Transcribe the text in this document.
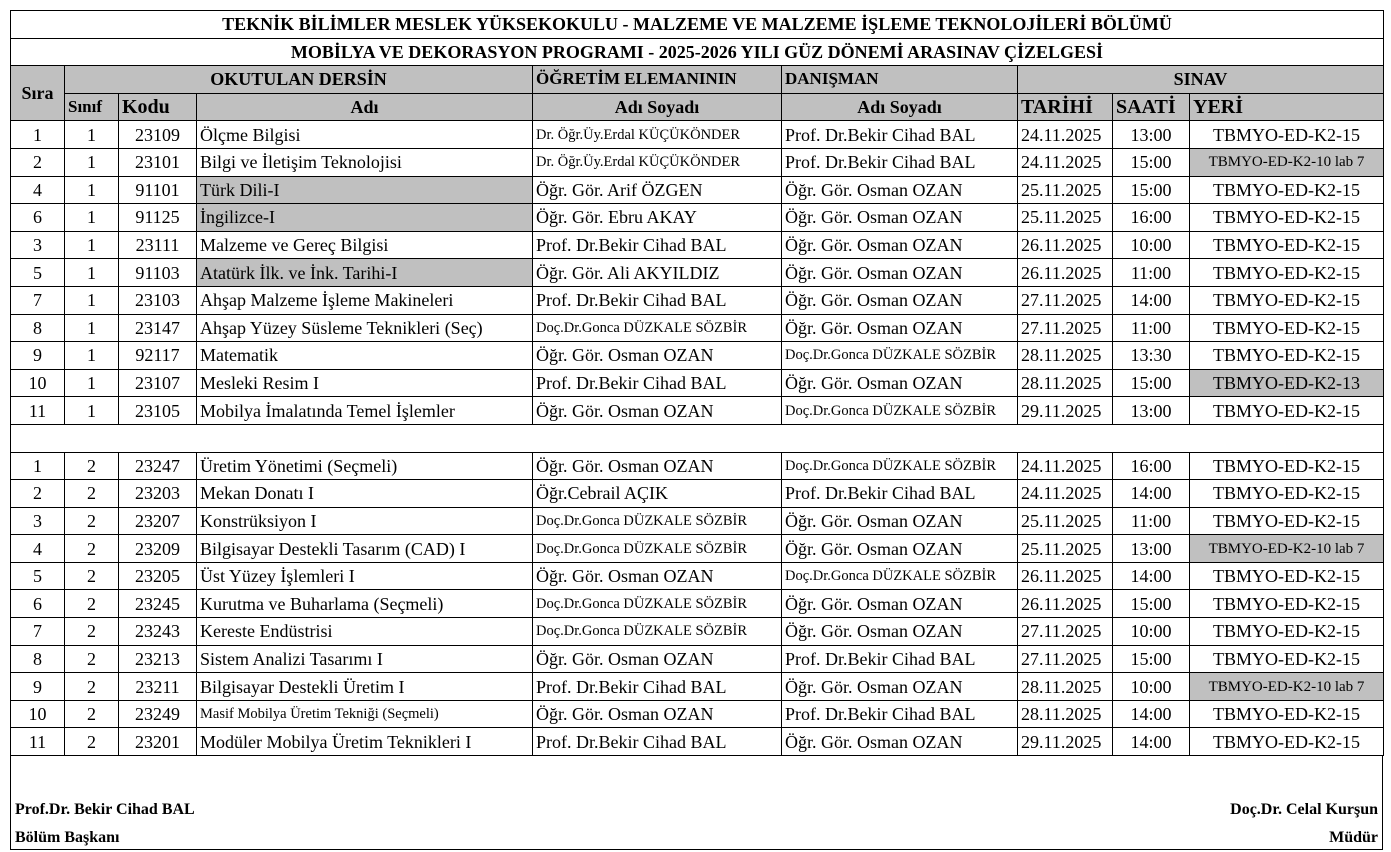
TEKNİK BİLİMLER MESLEK YÜKSEKOKULU - MALZEME VE MALZEME İŞLEME TEKNOLOJİLERİ BÖLÜMÜ								
MOBİLYA VE DEKORASYON PROGRAMI - 2025-2026 YILI GÜZ DÖNEMİ ARASINAV ÇİZELGESİ								
Sıra	OKUTULAN DERSİN			ÖĞRETİM ELEMANININ	DANIŞMAN	SINAV		
	Sınıf	Kodu	Adı	Adı Soyadı	Adı Soyadı	TARİHİ	SAATİ	YERİ
1	1	23109	Ölçme Bilgisi	Dr. Öğr.Üy.Erdal KÜÇÜKÖNDER	Prof. Dr.Bekir Cihad BAL	24.11.2025	13:00	TBMYO-ED-K2-15
2	1	23101	Bilgi ve İletişim Teknolojisi	Dr. Öğr.Üy.Erdal KÜÇÜKÖNDER	Prof. Dr.Bekir Cihad BAL	24.11.2025	15:00	TBMYO-ED-K2-10 lab 7
4	1	91101	Türk Dili-I	Öğr. Gör. Arif ÖZGEN	Öğr. Gör. Osman OZAN	25.11.2025	15:00	TBMYO-ED-K2-15
6	1	91125	İngilizce-I	Öğr. Gör. Ebru AKAY	Öğr. Gör. Osman OZAN	25.11.2025	16:00	TBMYO-ED-K2-15
3	1	23111	Malzeme ve Gereç Bilgisi	Prof. Dr.Bekir Cihad BAL	Öğr. Gör. Osman OZAN	26.11.2025	10:00	TBMYO-ED-K2-15
5	1	91103	Atatürk İlk. ve İnk. Tarihi-I	Öğr. Gör. Ali AKYILDIZ	Öğr. Gör. Osman OZAN	26.11.2025	11:00	TBMYO-ED-K2-15
7	1	23103	Ahşap Malzeme İşleme Makineleri	Prof. Dr.Bekir Cihad BAL	Öğr. Gör. Osman OZAN	27.11.2025	14:00	TBMYO-ED-K2-15
8	1	23147	Ahşap Yüzey Süsleme Teknikleri (Seç)	Doç.Dr.Gonca DÜZKALE SÖZBİR	Öğr. Gör. Osman OZAN	27.11.2025	11:00	TBMYO-ED-K2-15
9	1	92117	Matematik	Öğr. Gör. Osman OZAN	Doç.Dr.Gonca DÜZKALE SÖZBİR	28.11.2025	13:30	TBMYO-ED-K2-15
10	1	23107	Mesleki Resim I	Prof. Dr.Bekir Cihad BAL	Öğr. Gör. Osman OZAN	28.11.2025	15:00	TBMYO-ED-K2-13
11	1	23105	Mobilya İmalatında Temel İşlemler	Öğr. Gör. Osman OZAN	Doç.Dr.Gonca DÜZKALE SÖZBİR	29.11.2025	13:00	TBMYO-ED-K2-15

1	2	23247	Üretim Yönetimi (Seçmeli)	Öğr. Gör. Osman OZAN	Doç.Dr.Gonca DÜZKALE SÖZBİR	24.11.2025	16:00	TBMYO-ED-K2-15
2	2	23203	Mekan Donatı I	Öğr.Cebrail AÇIK	Prof. Dr.Bekir Cihad BAL	24.11.2025	14:00	TBMYO-ED-K2-15
3	2	23207	Konstrüksiyon I	Doç.Dr.Gonca DÜZKALE SÖZBİR	Öğr. Gör. Osman OZAN	25.11.2025	11:00	TBMYO-ED-K2-15
4	2	23209	Bilgisayar Destekli Tasarım (CAD) I	Doç.Dr.Gonca DÜZKALE SÖZBİR	Öğr. Gör. Osman OZAN	25.11.2025	13:00	TBMYO-ED-K2-10 lab 7
5	2	23205	Üst Yüzey İşlemleri I	Öğr. Gör. Osman OZAN	Doç.Dr.Gonca DÜZKALE SÖZBİR	26.11.2025	14:00	TBMYO-ED-K2-15
6	2	23245	Kurutma ve Buharlama (Seçmeli)	Doç.Dr.Gonca DÜZKALE SÖZBİR	Öğr. Gör. Osman OZAN	26.11.2025	15:00	TBMYO-ED-K2-15
7	2	23243	Kereste Endüstrisi	Doç.Dr.Gonca DÜZKALE SÖZBİR	Öğr. Gör. Osman OZAN	27.11.2025	10:00	TBMYO-ED-K2-15
8	2	23213	Sistem Analizi Tasarımı I	Öğr. Gör. Osman OZAN	Prof. Dr.Bekir Cihad BAL	27.11.2025	15:00	TBMYO-ED-K2-15
9	2	23211	Bilgisayar Destekli Üretim I	Prof. Dr.Bekir Cihad BAL	Öğr. Gör. Osman OZAN	28.11.2025	10:00	TBMYO-ED-K2-10 lab 7
10	2	23249	Masif Mobilya Üretim Tekniği (Seçmeli)	Öğr. Gör. Osman OZAN	Prof. Dr.Bekir Cihad BAL	28.11.2025	14:00	TBMYO-ED-K2-15
11	2	23201	Modüler Mobilya Üretim Teknikleri I	Prof. Dr.Bekir Cihad BAL	Öğr. Gör. Osman OZAN	29.11.2025	14:00	TBMYO-ED-K2-15
Prof.Dr. Bekir Cihad BAL
Bölüm Başkanı
Doç.Dr. Celal Kurşun
Müdür
